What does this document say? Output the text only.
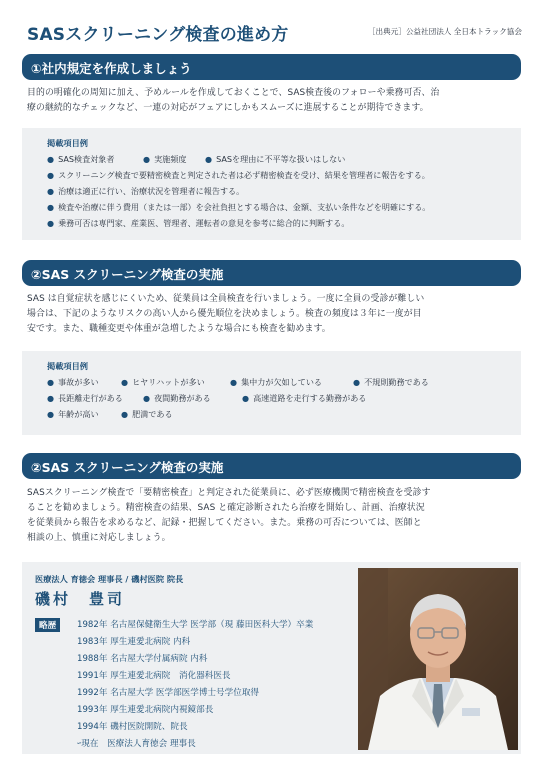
SASスクリーニング検査の進め方	［出典元］公益社団法人 全日本トラック協会
①社内規定を作成しましょう

目的の明確化の周知に加え、予めルールを作成しておくことで、SAS検査後のフォローや乗務可否、治

療の継続的なチェックなど、一連の対応がフェアにしかもスムーズに進展することが期待できます。

掲載項目例
● SAS検査対象者	● 実施頻度 ● SASを理由に不平等な扱いはしない
● スクリーニング検査で要精密検査と判定された者は必ず精密検査を受け、結果を管理者に報告をする。
● 治療は適正に行い、治療状況を管理者に報告する。
● 検査や治療に伴う費用（または一部）を会社負担とする場合は、金額、支払い条件などを明確にする。
● 乗務可否は専門家、産業医、管理者、運転者の意見を参考に総合的に判断する。
②SAS スクリーニング検査の実施

SAS は自覚症状を感じにくいため、従業員は全員検査を行いましょう。一度に全員の受診が難しい

場合は、下記のようなリスクの高い人から優先順位を決めましょう。検査の頻度は３年に一度が目

安です。また、職種変更や体重が急増したような場合にも検査を勧めます。

掲載項目例
● 事故が多い	● ヒヤリハットが多い	● 集中力が欠如している	● 不規則勤務である
● 長距離走行がある ● 夜間勤務がある	● 高速道路を走行する勤務がある
● 年齢が高い	● 肥満である
②SAS スクリーニング検査の実施

SASスクリーニング検査で「要精密検査」と判定された従業員に、必ず医療機関で精密検査を受診す

ることを勧めましょう。精密検査の結果、SAS と確定診断されたら治療を開始し、計画、治療状況

を従業員から報告を求めるなど、記録・把握してください。また。乗務の可否については、医師と

相談の上、慎重に対応しましょう。

医療法人 育徳会 理事長 / 磯村医院 院長
磯村　豊司
略歴	1982年 名古屋保健衛生大学 医学部（現 藤田医科大学）卒業
1983年 厚生連愛北病院 内科
1988年 名古屋大学付属病院 内科
1991年 厚生連愛北病院　消化器科医長
1992年 名古屋大学 医学部医学博士号学位取得
1993年 厚生連愛北病院内視鏡部長
1994年 磯村医院開院、院長
ｰ現在　医療法人育徳会 理事長
